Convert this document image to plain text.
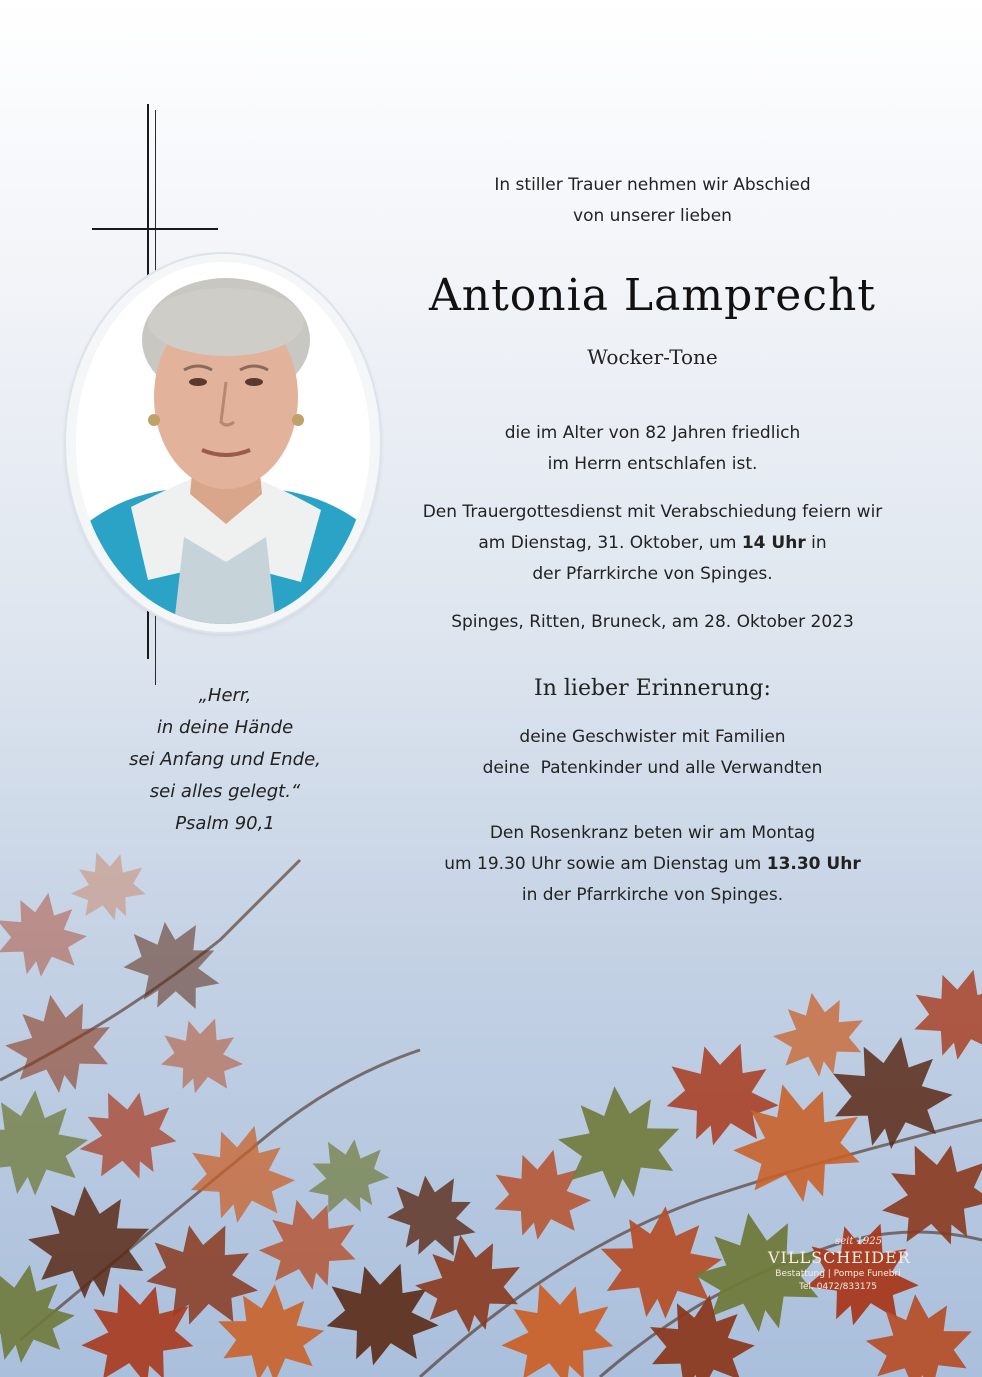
„Herr,
in deine Hände
sei Anfang und Ende,
sei alles gelegt.“
Psalm 90,1
In stiller Trauer nehmen wir Abschied
von unserer lieben
Antonia Lamprecht
Wocker-Tone
die im Alter von 82 Jahren friedlich
im Herrn entschlafen ist.
Den Trauergottesdienst mit Verabschiedung feiern wir
am Dienstag, 31. Oktober, um 14 Uhr in
der Pfarrkirche von Spinges.
Spinges, Ritten, Bruneck, am 28. Oktober 2023
In lieber Erinnerung:
deine Geschwister mit Familien
deine  Patenkinder und alle Verwandten
Den Rosenkranz beten wir am Montag
um 19.30 Uhr sowie am Dienstag um 13.30 Uhr
in der Pfarrkirche von Spinges.
seit 1925
VILLSCHEIDER
Bestattung | Pompe Funebri
Tel. 0472/833175
